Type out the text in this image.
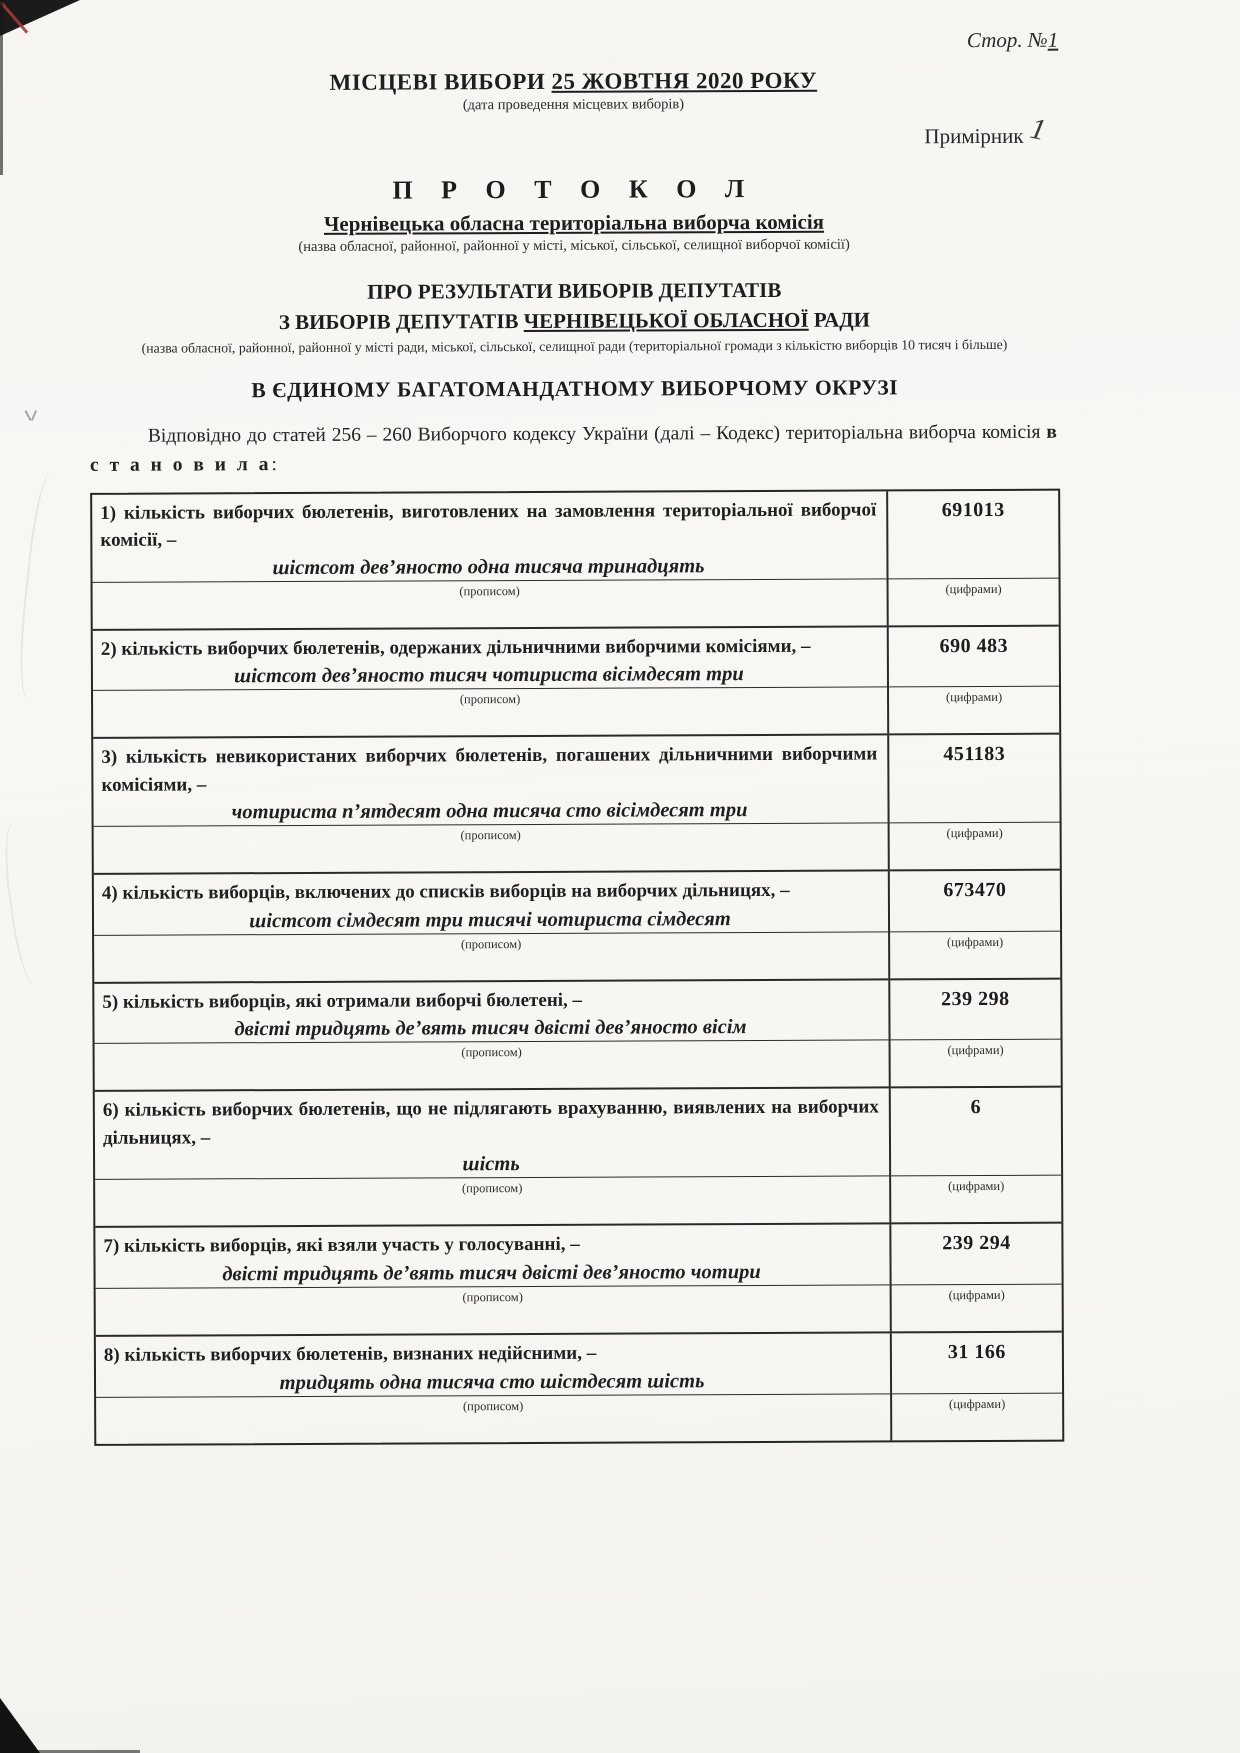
Стор. №1
МІСЦЕВІ ВИБОРИ 25 ЖОВТНЯ 2020 РОКУ
(дата проведення місцевих виборів)
Примірник 1
П Р О Т О К О Л
Чернівецька обласна територіальна виборча комісія
(назва обласної, районної, районної у місті, міської, сільської, селищної виборчої комісії)
ПРО РЕЗУЛЬТАТИ ВИБОРІВ ДЕПУТАТІВ
З ВИБОРІВ ДЕПУТАТІВ ЧЕРНІВЕЦЬКОЇ ОБЛАСНОЇ РАДИ
(назва обласної, районної, районної у місті ради, міської, сільської, селищної ради (територіальної громади з кількістю виборців 10 тисяч і більше)
В ЄДИНОМУ БАГАТОМАНДАТНОМУ ВИБОРЧОМУ ОКРУЗІ

Відповідно до статей 256 – 260 Виборчого кодексу України (далі – Кодекс) територіальна виборча комісія в с т а н о в и л а:

1) кількість виборчих бюлетенів, виготовлених на замовлення територіальної виборчої комісії, –
шістсот дев’яносто одна тисяча тринадцять
691013
(прописом)	(цифрами)
2) кількість виборчих бюлетенів, одержаних дільничними виборчими комісіями, –
шістсот дев’яносто тисяч чотириста вісімдесят три
690 483
(прописом)	(цифрами)
3) кількість невикористаних виборчих бюлетенів, погашених дільничними виборчими комісіями, –
чотириста п’ятдесят одна тисяча сто вісімдесят три
451183
(прописом)	(цифрами)
4) кількість виборців, включених до списків виборців на виборчих дільницях, –
шістсот сімдесят три тисячі чотириста сімдесят
673470
(прописом)	(цифрами)
5) кількість виборців, які отримали виборчі бюлетені, –
двісті тридцять де’вять тисяч двісті дев’яносто вісім
239 298
(прописом)	(цифрами)
6) кількість виборчих бюлетенів, що не підлягають врахуванню, виявлених на виборчих дільницях, –
шість
6
(прописом)	(цифрами)
7) кількість виборців, які взяли участь у голосуванні, –
двісті тридцять де’вять тисяч двісті дев’яносто чотири
239 294
(прописом)	(цифрами)
8) кількість виборчих бюлетенів, визнаних недійсними, –
тридцять одна тисяча сто шістдесят шість
31 166
(прописом)	(цифрами)
